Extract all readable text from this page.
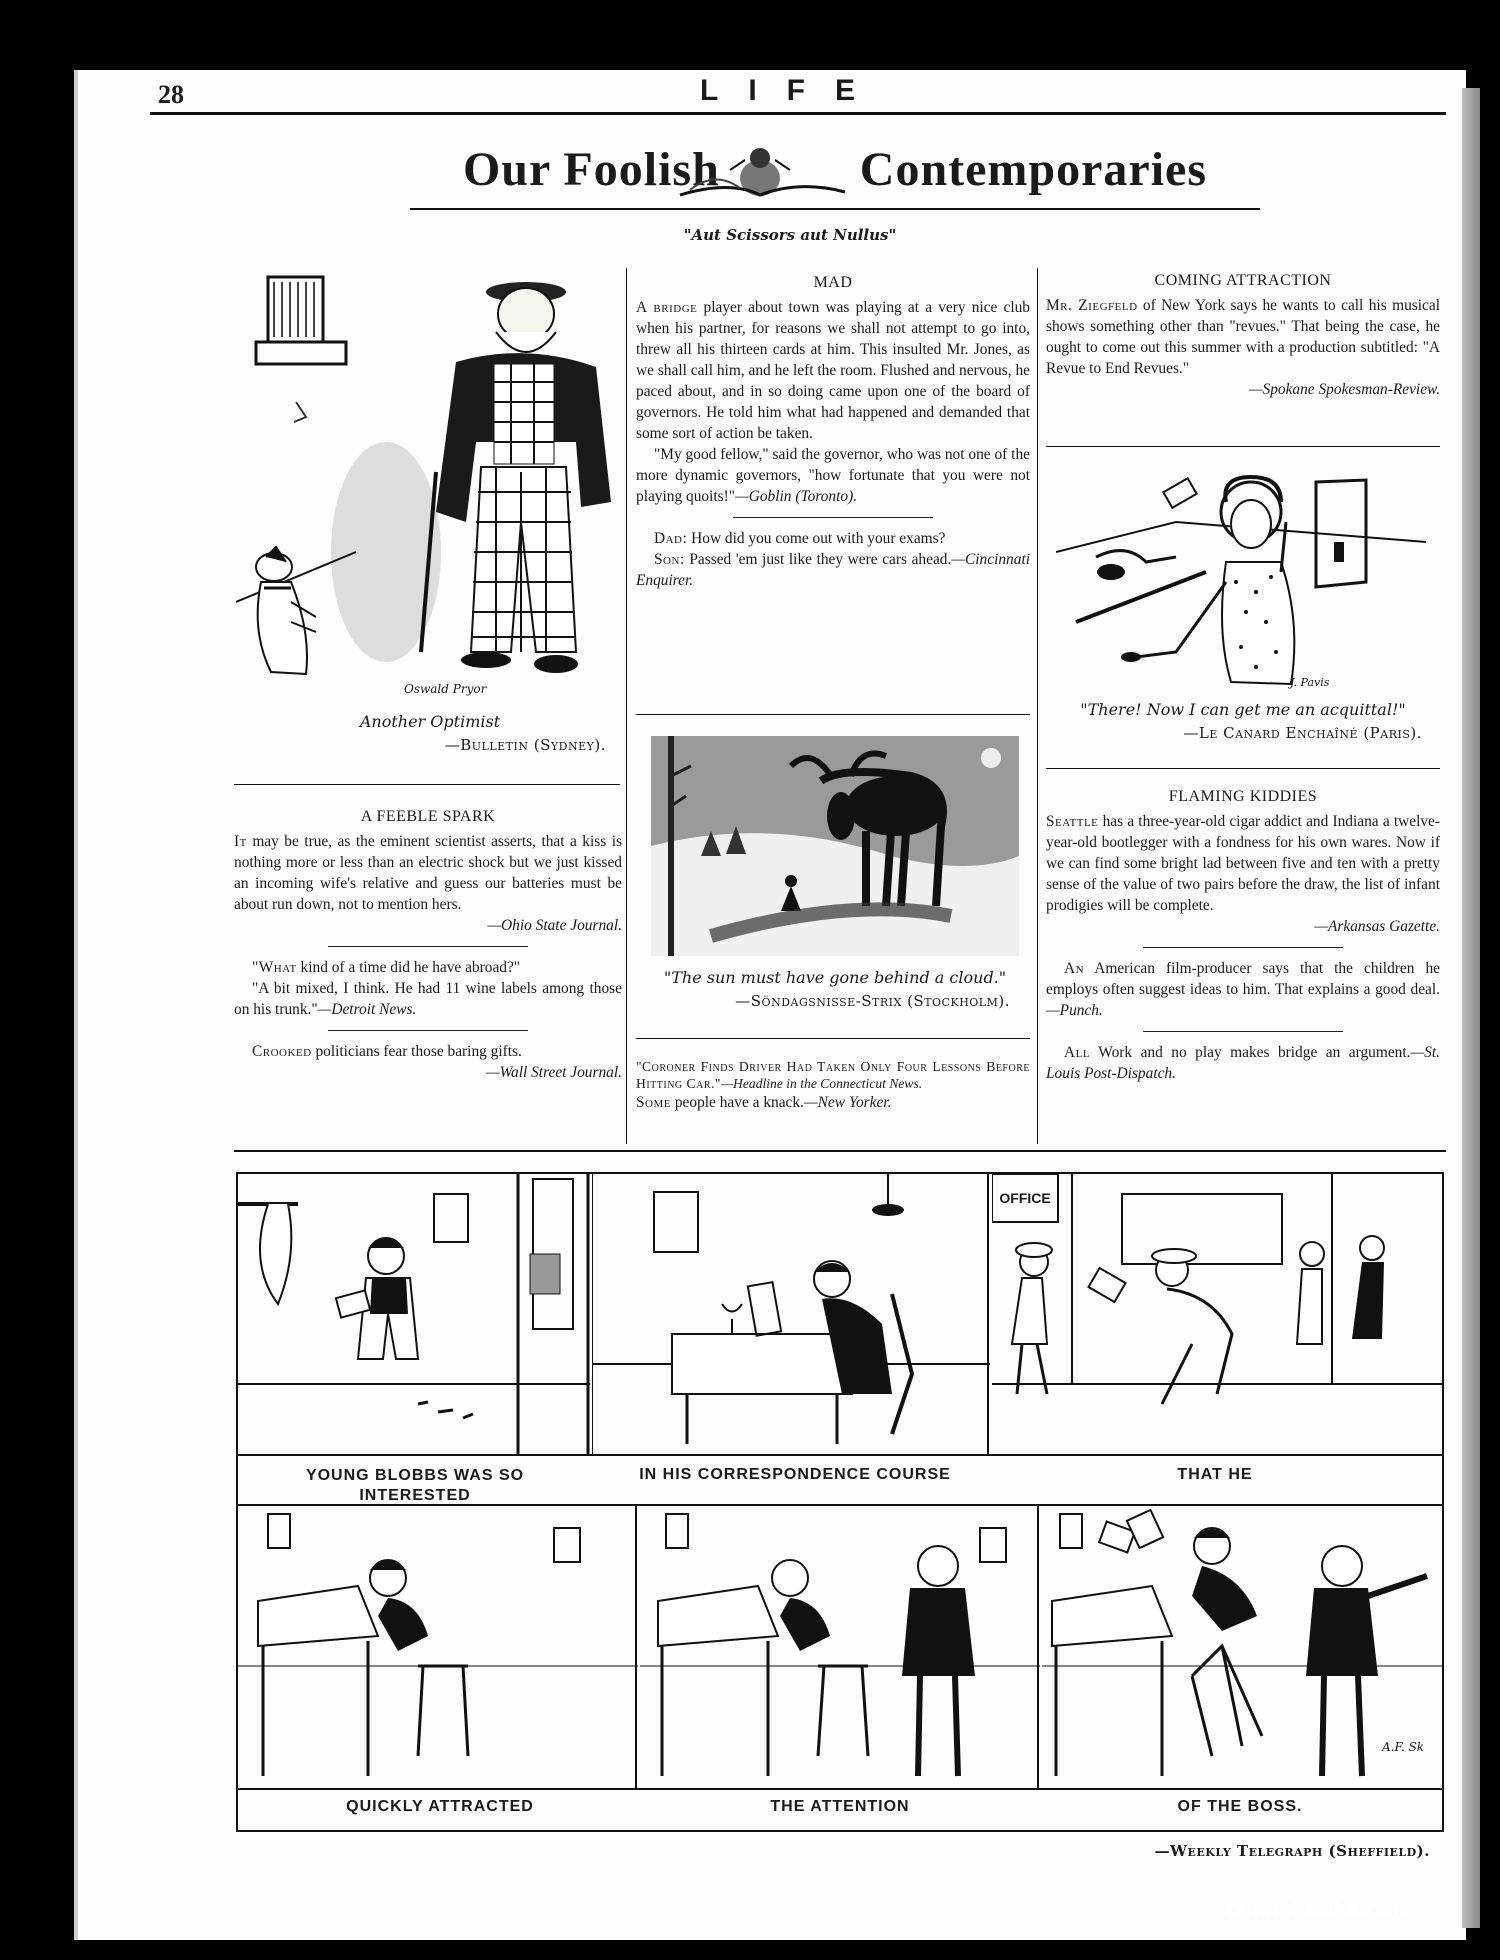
28	LIFE
Our Foolish	Contemporaries
"Aut Scissors aut Nullus"
Oswald Pryor
Another Optimist
—Bulletin (Sydney).
A FEEBLE SPARK
It may be true, as the eminent scientist asserts, that a kiss is nothing more or less than an electric shock but we just kissed an incoming wife's relative and guess our batteries must be about run down, not to mention hers.
—Ohio State Journal.

"What kind of a time did he have abroad?"

"A bit mixed, I think. He had 11 wine labels among those on his trunk."—Detroit News.

Crooked politicians fear those baring gifts.

—Wall Street Journal.
MAD
A bridge player about town was playing at a very nice club when his partner, for reasons we shall not attempt to go into, threw all his thirteen cards at him. This insulted Mr. Jones, as we shall call him, and he left the room. Flushed and nervous, he paced about, and in so doing came upon one of the board of governors. He told him what had happened and demanded that some sort of action be taken.

"My good fellow," said the governor, who was not one of the more dynamic governors, "how fortunate that you were not playing quoits!"—Goblin (Toronto).

Dad: How did you come out with your exams?

Son: Passed 'em just like they were cars ahead.—Cincinnati Enquirer.

"The sun must have gone behind a cloud."
—Söndagsnisse-Strix (Stockholm).
"Coroner Finds Driver Had Taken Only Four Lessons Before Hitting Car."—Headline in the Connecticut News.
Some people have a knack.—New Yorker.
COMING ATTRACTION
Mr. Ziegfeld of New York says he wants to call his musical shows something other than "revues." That being the case, he ought to come out this summer with a production subtitled: "A Revue to End Revues."
—Spokane Spokesman-Review.
J. Pavis
"There! Now I can get me an acquittal!"
—Le Canard Enchaîné (Paris).
FLAMING KIDDIES
Seattle has a three-year-old cigar addict and Indiana a twelve-year-old bootlegger with a fondness for his own wares. Now if we can find some bright lad between five and ten with a pretty sense of the value of two pairs before the draw, the list of infant prodigies will be complete.
—Arkansas Gazette.

An American film-producer says that the children he employs often suggest ideas to him. That explains a good deal.—Punch.

All Work and no play makes bridge an argument.—St. Louis Post-Dispatch.

OFFICE
YOUNG BLOBBS WAS SO INTERESTED
IN HIS CORRESPONDENCE COURSE	THAT HE
A.F. Sk
QUICKLY ATTRACTED	THE ATTENTION	OF THE BOSS.
—Weekly Telegraph (Sheffield).
comicbooks.com
